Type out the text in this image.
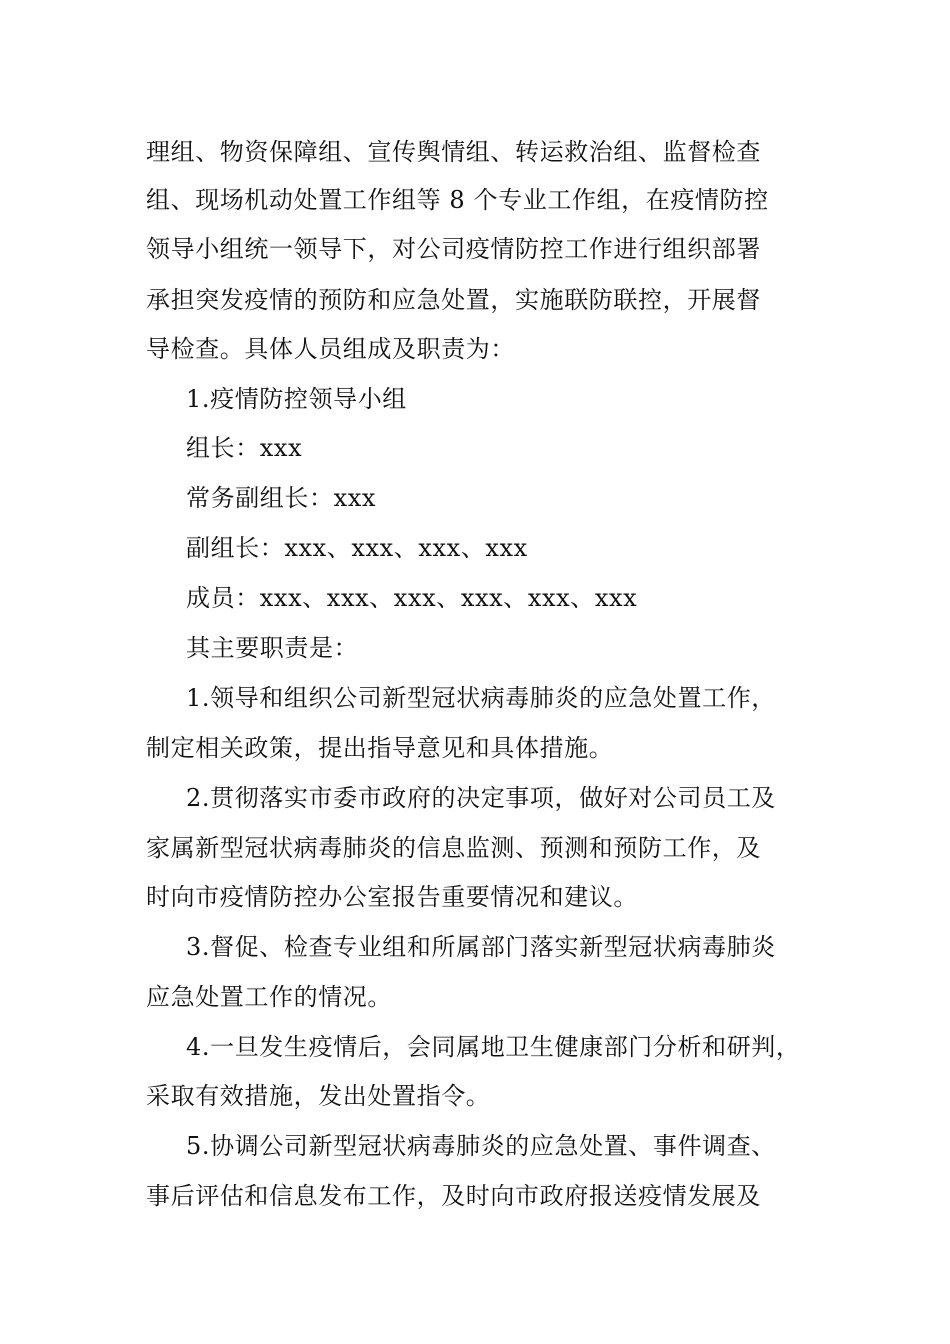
理组、物资保障组、宣传舆情组、转运救治组、监督检查
组、现场机动处置工作组等 8 个专业工作组，在疫情防控
领导小组统一领导下，对公司疫情防控工作进行组织部署
承担突发疫情的预防和应急处置，实施联防联控，开展督
导检查。具体人员组成及职责为：
1.疫情防控领导小组
组长：xxx
常务副组长：xxx
副组长：xxx、xxx、xxx、xxx
成员：xxx、xxx、xxx、xxx、xxx、xxx
其主要职责是：
1.领导和组织公司新型冠状病毒肺炎的应急处置工作，
制定相关政策，提出指导意见和具体措施。
2.贯彻落实市委市政府的决定事项，做好对公司员工及
家属新型冠状病毒肺炎的信息监测、预测和预防工作，及
时向市疫情防控办公室报告重要情况和建议。
3.督促、检查专业组和所属部门落实新型冠状病毒肺炎
应急处置工作的情况。
4.一旦发生疫情后，会同属地卫生健康部门分析和研判，
采取有效措施，发出处置指令。
5.协调公司新型冠状病毒肺炎的应急处置、事件调查、
事后评估和信息发布工作，及时向市政府报送疫情发展及
